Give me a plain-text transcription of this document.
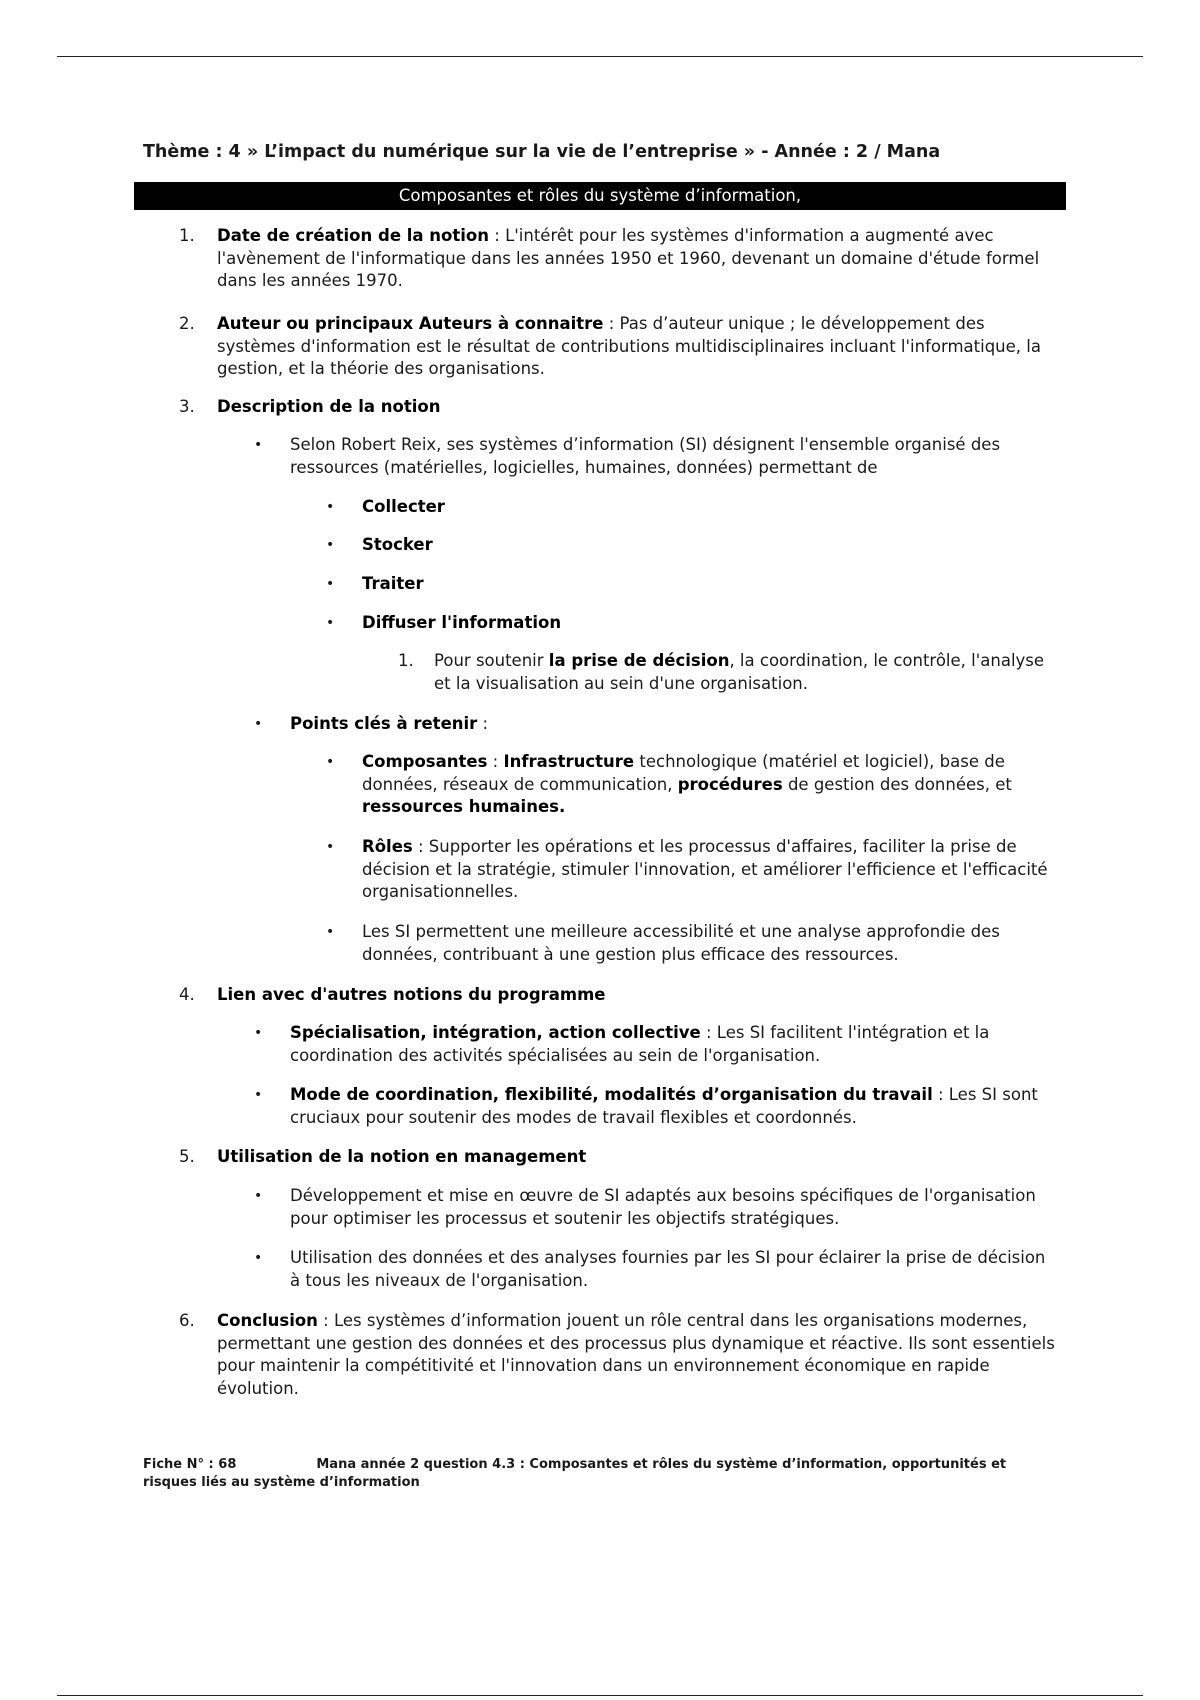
Thème : 4 » L’impact du numérique sur la vie de l’entreprise » - Année : 2 / Mana
Composantes et rôles du système d’information,
1. Date de création de la notion : L'intérêt pour les systèmes d'information a augmenté avec l'avènement de l'informatique dans les années 1950 et 1960, devenant un domaine d'étude formel dans les années 1970.
2. Auteur ou principaux Auteurs à connaitre : Pas d’auteur unique ; le développement des systèmes d'information est le résultat de contributions multidisciplinaires incluant l'informatique, la gestion, et la théorie des organisations.
3. Description de la notion
• Selon Robert Reix, ses systèmes d’information (SI) désignent l'ensemble organisé des ressources (matérielles, logicielles, humaines, données) permettant de
• Collecter
• Stocker
• Traiter
• Diffuser l'information
1. Pour soutenir la prise de décision, la coordination, le contrôle, l'analyse et la visualisation au sein d'une organisation.
• Points clés à retenir :
• Composantes : Infrastructure technologique (matériel et logiciel), base de données, réseaux de communication, procédures de gestion des données, et ressources humaines.
• Rôles : Supporter les opérations et les processus d'affaires, faciliter la prise de décision et la stratégie, stimuler l'innovation, et améliorer l'efficience et l'efficacité organisationnelles.
• Les SI permettent une meilleure accessibilité et une analyse approfondie des données, contribuant à une gestion plus efficace des ressources.
4. Lien avec d'autres notions du programme
• Spécialisation, intégration, action collective : Les SI facilitent l'intégration et la coordination des activités spécialisées au sein de l'organisation.
• Mode de coordination, flexibilité, modalités d’organisation du travail : Les SI sont cruciaux pour soutenir des modes de travail flexibles et coordonnés.
5. Utilisation de la notion en management
• Développement et mise en œuvre de SI adaptés aux besoins spécifiques de l'organisation pour optimiser les processus et soutenir les objectifs stratégiques.
• Utilisation des données et des analyses fournies par les SI pour éclairer la prise de décision à tous les niveaux de l'organisation.
6. Conclusion : Les systèmes d’information jouent un rôle central dans les organisations modernes, permettant une gestion des données et des processus plus dynamique et réactive. Ils sont essentiels pour maintenir la compétitivité et l'innovation dans un environnement économique en rapide évolution.
Fiche N° : 68	Mana année 2 question 4.3 : Composantes et rôles du système d’information, opportunités et risques liés au système d’information
